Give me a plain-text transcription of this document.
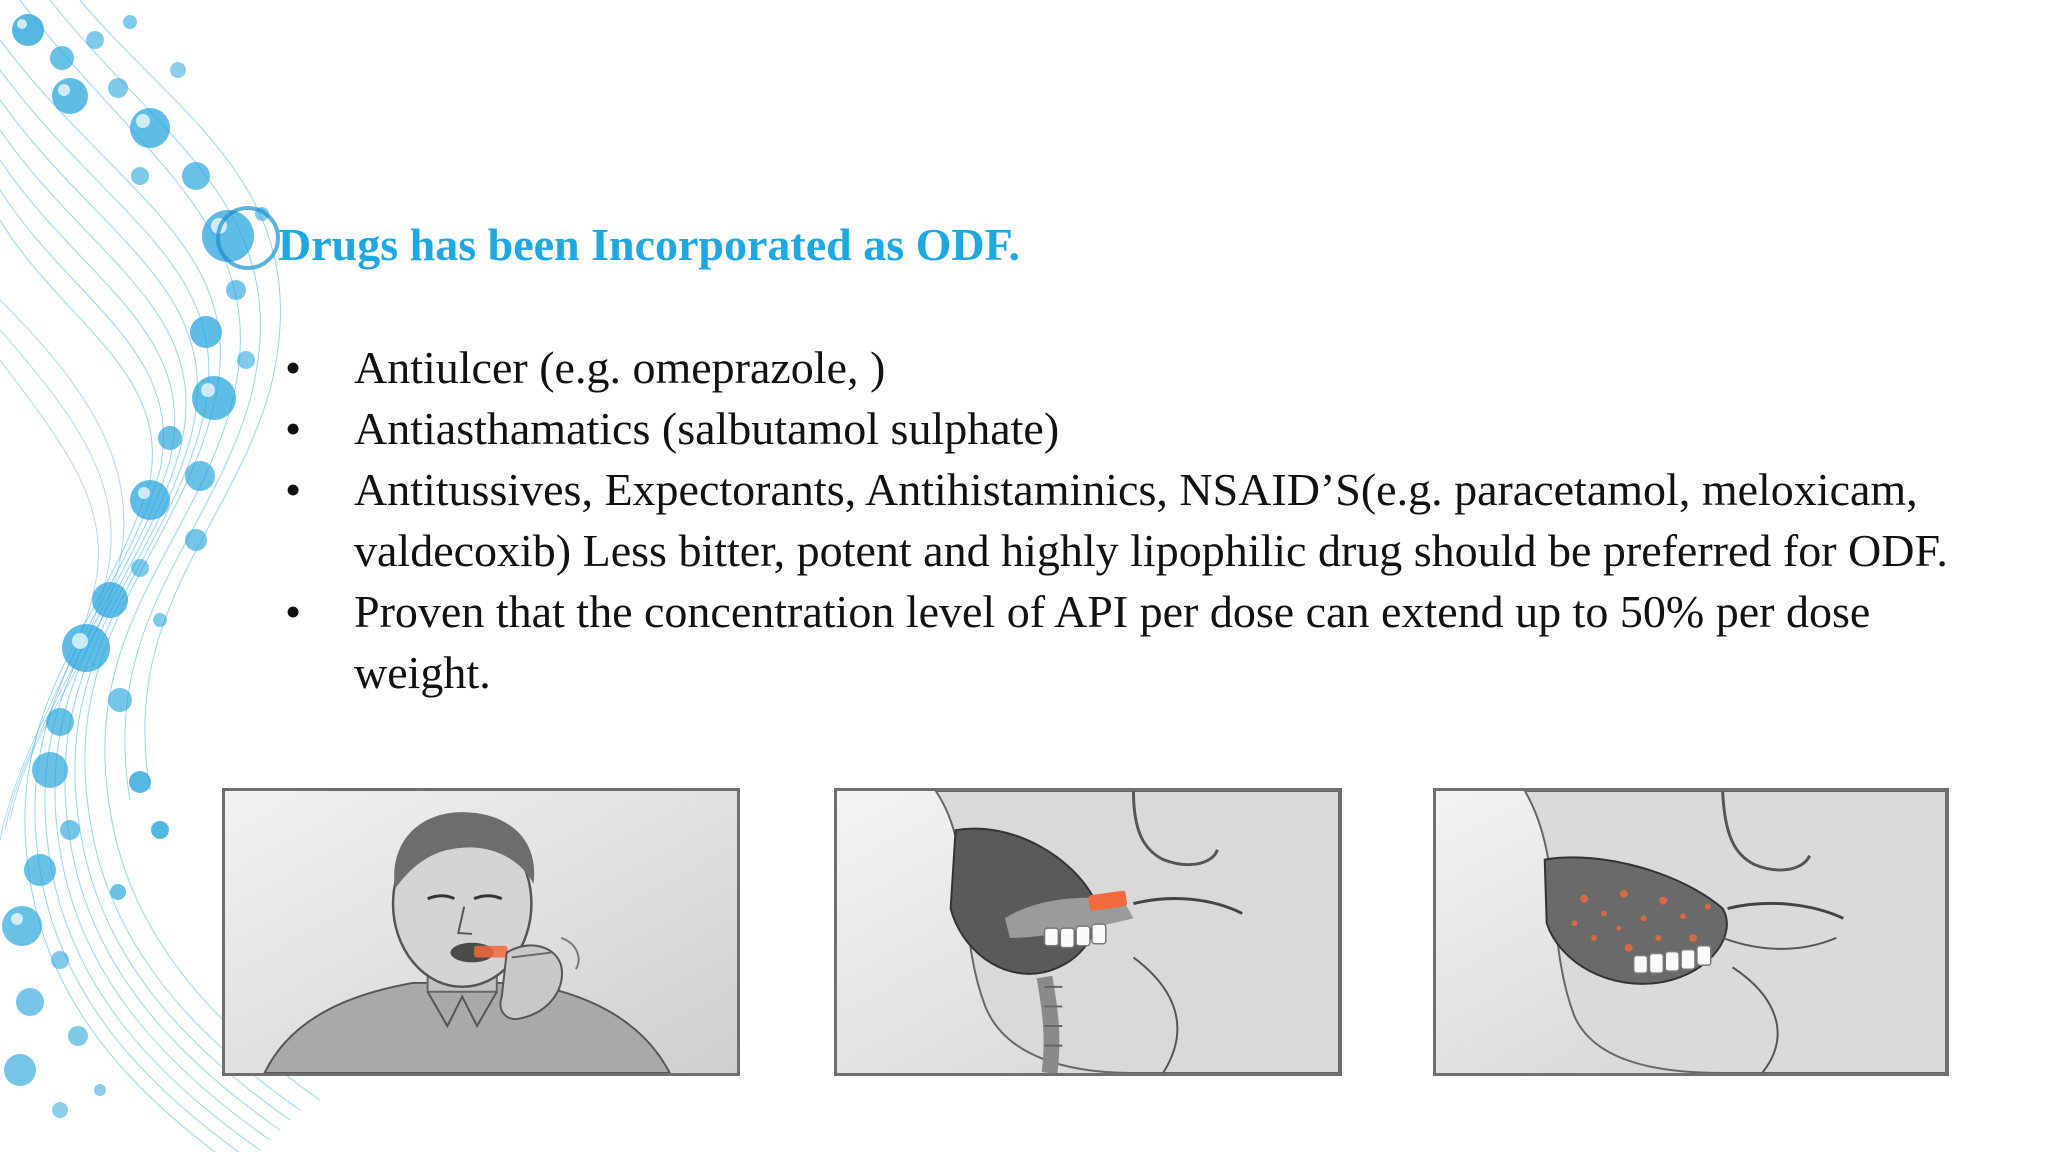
Drugs has been Incorporated as ODF.
• Antiulcer (e.g. omeprazole, )
• Antiasthamatics (salbutamol sulphate)
• Antitussives, Expectorants, Antihistaminics, NSAID’S(e.g. paracetamol, meloxicam, valdecoxib) Less bitter, potent and highly lipophilic drug should be preferred for ODF.
• Proven that the concentration level of API per dose can extend up to 50% per dose weight.
